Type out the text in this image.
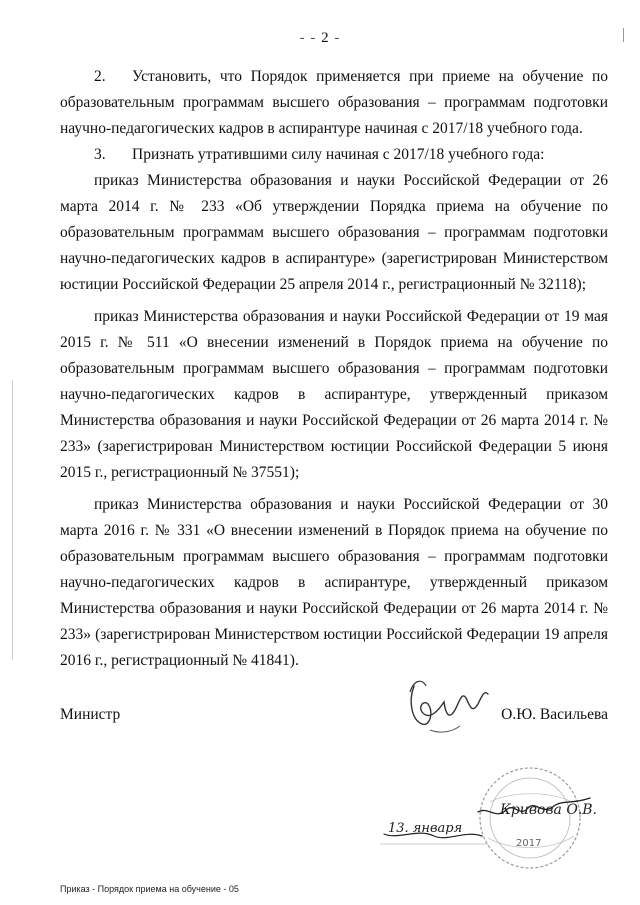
- - 2 -

2. Установить, что Порядок применяется при приеме на обучение по образовательным программам высшего образования – программам подготовки научно-педагогических кадров в аспирантуре начиная с 2017/18 учебного года.

3. Признать утратившими силу начиная с 2017/18 учебного года:

приказ Министерства образования и науки Российской Федерации от 26 марта 2014 г. № 233 «Об утверждении Порядка приема на обучение по образовательным программам высшего образования – программам подготовки научно-педагогических кадров в аспирантуре» (зарегистрирован Министерством юстиции Российской Федерации 25 апреля 2014 г., регистрационный № 32118);

приказ Министерства образования и науки Российской Федерации от 19 мая 2015 г. № 511 «О внесении изменений в Порядок приема на обучение по образовательным программам высшего образования – программам подготовки научно-педагогических кадров в аспирантуре, утвержденный приказом Министерства образования и науки Российской Федерации от 26 марта 2014 г. № 233» (зарегистрирован Министерством юстиции Российской Федерации 5 июня 2015 г., регистрационный № 37551);

приказ Министерства образования и науки Российской Федерации от 30 марта 2016 г. № 331 «О внесении изменений в Порядок приема на обучение по образовательным программам высшего образования – программам подготовки научно-педагогических кадров в аспирантуре, утвержденный приказом Министерства образования и науки Российской Федерации от 26 марта 2014 г. № 233» (зарегистрирован Министерством юстиции Российской Федерации 19 апреля 2016 г., регистрационный № 41841).

Министр	О.Ю. Васильева
2017
Кривова О.В.
13. января
Приказ - Порядок приема на обучение - 05
